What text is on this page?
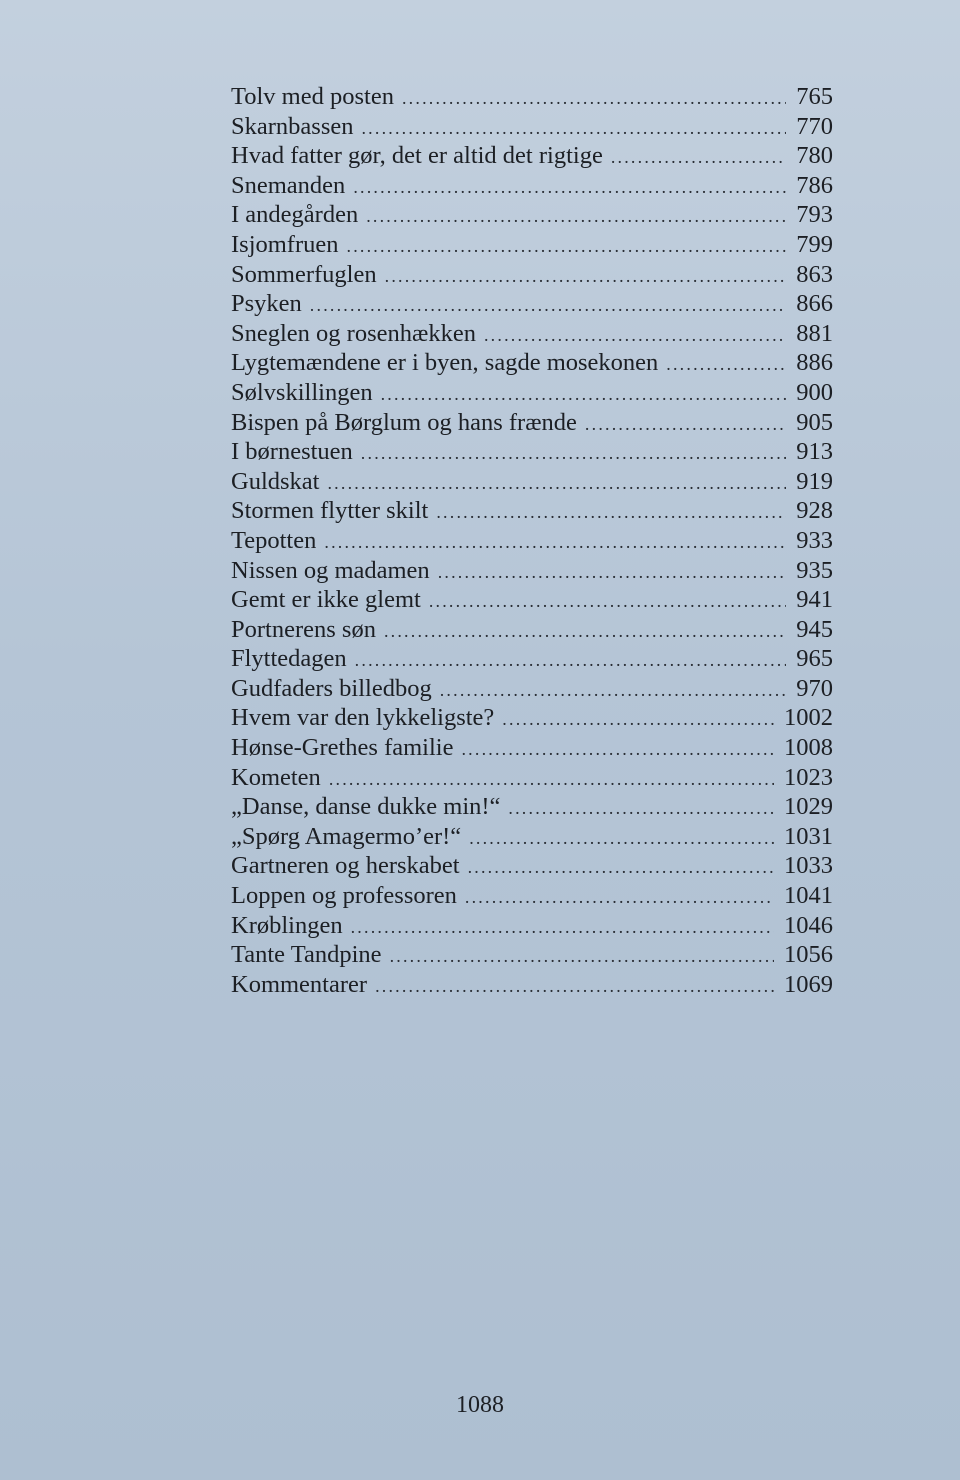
Tolv med posten .....	765
Skarnbassen .....	770
Hvad fatter gør, det er altid det rigtige .....	780
Snemanden .....	786
I andegården .....	793
Isjomfruen .....	799
Sommerfuglen .....	863
Psyken .....	866
Sneglen og rosenhækken .....	881
Lygtemændene er i byen, sagde mosekonen .....	886
Sølvskillingen .....	900
Bispen på Børglum og hans frænde .....	905
I børnestuen .....	913
Guldskat .....	919
Stormen flytter skilt .....	928
Tepotten .....	933
Nissen og madamen .....	935
Gemt er ikke glemt .....	941
Portnerens søn .....	945
Flyttedagen .....	965
Gudfaders billedbog .....	970
Hvem var den lykkeligste? .....	1002
Hønse-Grethes familie .....	1008
Kometen .....	1023
„Danse, danse dukke min!“ .....	1029
„Spørg Amagermo’er!“ .....	1031
Gartneren og herskabet .....	1033
Loppen og professoren .....	1041
Krøblingen .....	1046
Tante Tandpine .....	1056
Kommentarer .....	1069
1088
